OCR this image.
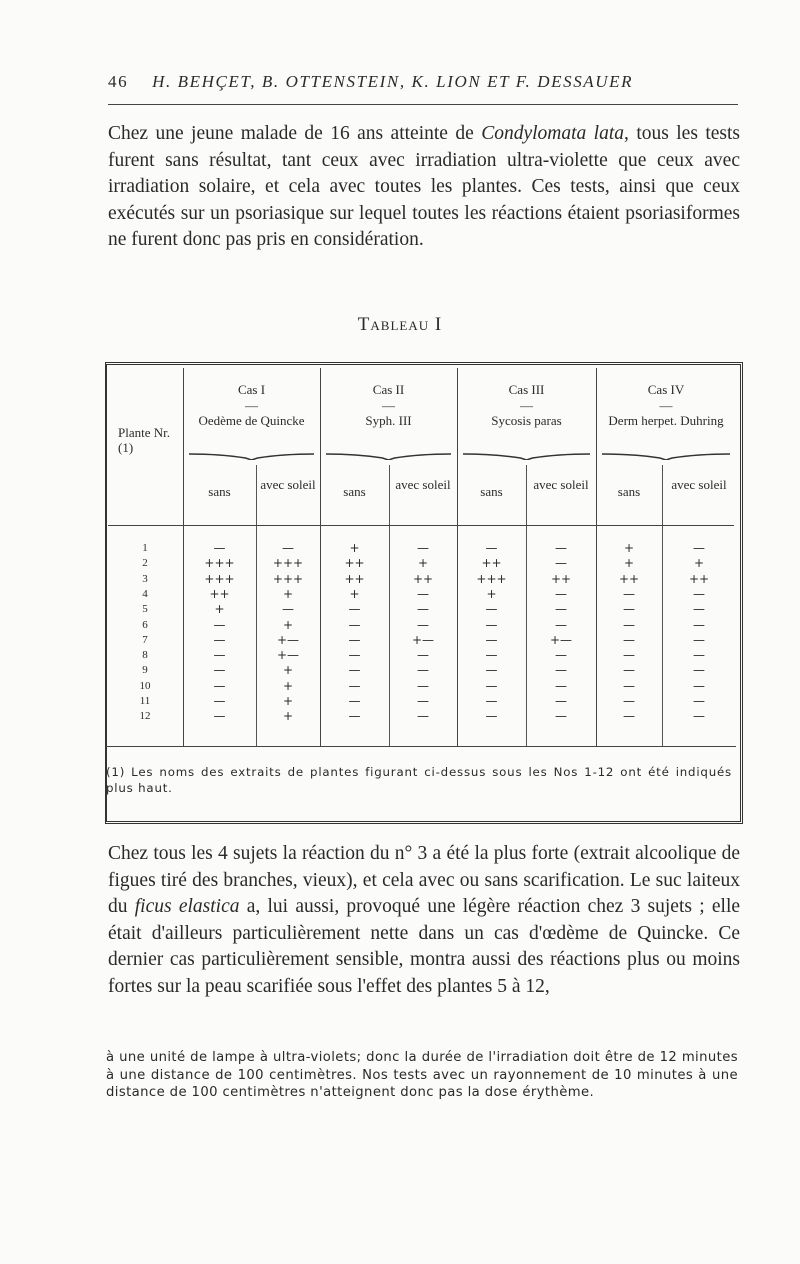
46 H. BEHÇET, B. OTTENSTEIN, K. LION ET F. DESSAUER

Chez une jeune malade de 16 ans atteinte de Condylomata lata, tous les tests furent sans résultat, tant ceux avec irradiation ultra-violette que ceux avec irradiation solaire, et cela avec toutes les plantes. Ces tests, ainsi que ceux exécutés sur un psoriasique sur lequel toutes les réactions étaient psoriasiformes ne furent donc pas pris en considération.

Tableau I
Plante Nr. (1)
(1) Les noms des extraits de plantes figurant ci-dessus sous les Nos 1-12 ont été indiqués plus haut.

Chez tous les 4 sujets la réaction du n° 3 a été la plus forte (extrait alcoolique de figues tiré des branches, vieux), et cela avec ou sans scarification. Le suc laiteux du ficus elastica a, lui aussi, provoqué une légère réaction chez 3 sujets ; elle était d'ailleurs particulièrement nette dans un cas d'œdème de Quincke. Ce dernier cas particulièrement sensible, montra aussi des réactions plus ou moins fortes sur la peau scarifiée sous l'effet des plantes 5 à 12,

à une unité de lampe à ultra-violets; donc la durée de l'irradiation doit être de 12 minutes à une distance de 100 centimètres. Nos tests avec un rayonnement de 10 minutes à une distance de 100 centimètres n'atteignent donc pas la dose érythème.

Cas I
—
Oedème de Quincke
Cas II
—
Syph. III
Cas III
—
Sycosis paras
Cas IV
—
Derm herpet. Duhring
sans	avec soleil	sans	avec soleil	sans	avec soleil	sans	avec soleil
1	—	—	+	—	—	—	+	—
2	+++	+++	++	+	++	—	+	+
3	+++	+++	++	++	+++	++	++	++
4	++	+	+	—	+	—	—	—
5	+	—	—	—	—	—	—	—
6	—	+	—	—	—	—	—	—
7	—	+—	—	+—	—	+—	—	—
8	—	+—	—	—	—	—	—	—
9	—	+	—	—	—	—	—	—
10	—	+	—	—	—	—	—	—
11	—	+	—	—	—	—	—	—
12	—	+	—	—	—	—	—	—
